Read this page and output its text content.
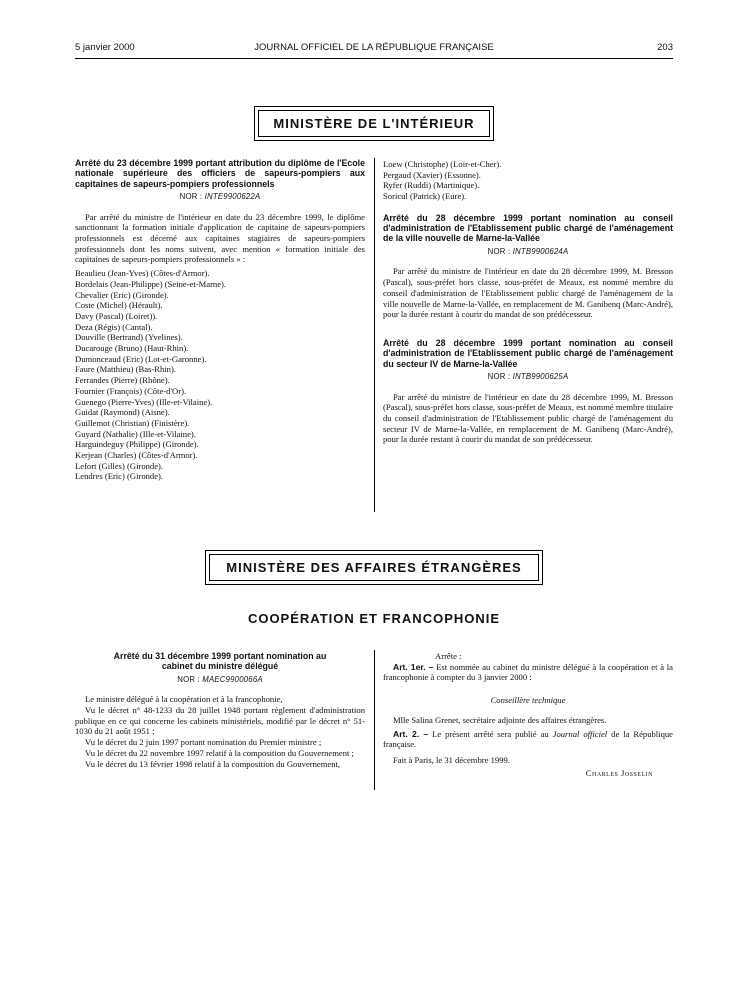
5 janvier 2000	JOURNAL OFFICIEL DE LA RÉPUBLIQUE FRANÇAISE	203
MINISTÈRE DE L'INTÉRIEUR
Arrêté du 23 décembre 1999 portant attribution du diplôme de l'Ecole nationale supérieure des officiers de sapeurs-pompiers aux capitaines de sapeurs-pompiers professionnels
NOR : INTE9900622A

Par arrêté du ministre de l'intérieur en date du 23 décembre 1999, le diplôme sanctionnant la formation initiale d'application de capitaine de sapeurs-pompiers professionnels est décerné aux capitaines stagiaires de sapeurs-pompiers professionnels dont les noms suivent, avec mention « formation initiale des capitaines de sapeurs-pompiers professionnels » :

Beaulieu (Jean-Yves) (Côtes-d'Armor).
Bordelais (Jean-Philippe) (Seine-et-Marne).
Chevalier (Eric) (Gironde).
Coste (Michel) (Hérault).
Davy (Pascal) (Loiret)).
Deza (Régis) (Cantal).
Douville (Bertrand) (Yvelines).
Ducarouge (Bruno) (Haut-Rhin).
Dumonceaud (Eric) (Lot-et-Garonne).
Faure (Matthieu) (Bas-Rhin).
Ferrandes (Pierre) (Rhône).
Fournier (François) (Côte-d'Or).
Guenego (Pierre-Yves) (Ille-et-Vilaine).
Guidat (Raymond) (Aisne).
Guillemot (Christian) (Finistère).
Guyard (Nathalie) (Ille-et-Vilaine).
Harguindeguy (Philippe) (Gironde).
Kerjean (Charles) (Côtes-d'Armor).
Lefort (Gilles) (Gironde).
Lendres (Eric) (Gironde).
Loew (Christophe) (Loir-et-Cher).
Pergaud (Xavier) (Essonne).
Ryfer (Ruddi) (Martinique).
Soricul (Patrick) (Eure).
Arrêté du 28 décembre 1999 portant nomination au conseil d'administration de l'Etablissement public chargé de l'aménagement de la ville nouvelle de Marne-la-Vallée
NOR : INTB9900624A

Par arrêté du ministre de l'intérieur en date du 28 décembre 1999, M. Bresson (Pascal), sous-préfet hors classe, sous-préfet de Meaux, est nommé membre du conseil d'administration de l'Etablissement public chargé de l'aménagement de la ville nouvelle de Marne-la-Vallée, en remplacement de M. Ganibenq (Marc-André), pour la durée restant à courir du mandat de son prédécesseur.

Arrêté du 28 décembre 1999 portant nomination au conseil d'administration de l'Etablissement public chargé de l'aménagement du secteur IV de Marne-la-Vallée
NOR : INTB9900625A

Par arrêté du ministre de l'intérieur en date du 28 décembre 1999, M. Bresson (Pascal), sous-préfet hors classe, sous-préfet de Meaux, est nommé membre titulaire du conseil d'administration de l'Etablissement public chargé de l'aménagement du secteur IV de Marne-la-Vallée, en remplacement de M. Ganibenq (Marc-André), pour la durée restant à courir du mandat de son prédécesseur.

MINISTÈRE DES AFFAIRES ÉTRANGÈRES
COOPÉRATION ET FRANCOPHONIE
Arrêté du 31 décembre 1999 portant nomination au cabinet du ministre délégué
NOR : MAEC9900066A

Le ministre délégué à la coopération et à la francophonie,

Vu le décret n° 48-1233 du 28 juillet 1948 portant règlement d'administration publique en ce qui concerne les cabinets ministériels, modifié par le décret n° 51-1030 du 21 août 1951 ;

Vu le décret du 2 juin 1997 portant nomination du Premier ministre ;

Vu le décret du 22 novembre 1997 relatif à la composition du Gouvernement ;

Vu le décret du 13 février 1998 relatif à la composition du Gouvernement,

Arrête :

Art. 1er. – Est nommée au cabinet du ministre délégué à la coopération et à la francophonie à compter du 3 janvier 2000 :

Conseillère technique

Mlle Salina Grenet, secrétaire adjointe des affaires étrangères.

Art. 2. – Le présent arrêté sera publié au Journal officiel de la République française.

Fait à Paris, le 31 décembre 1999.

Charles Josselin
